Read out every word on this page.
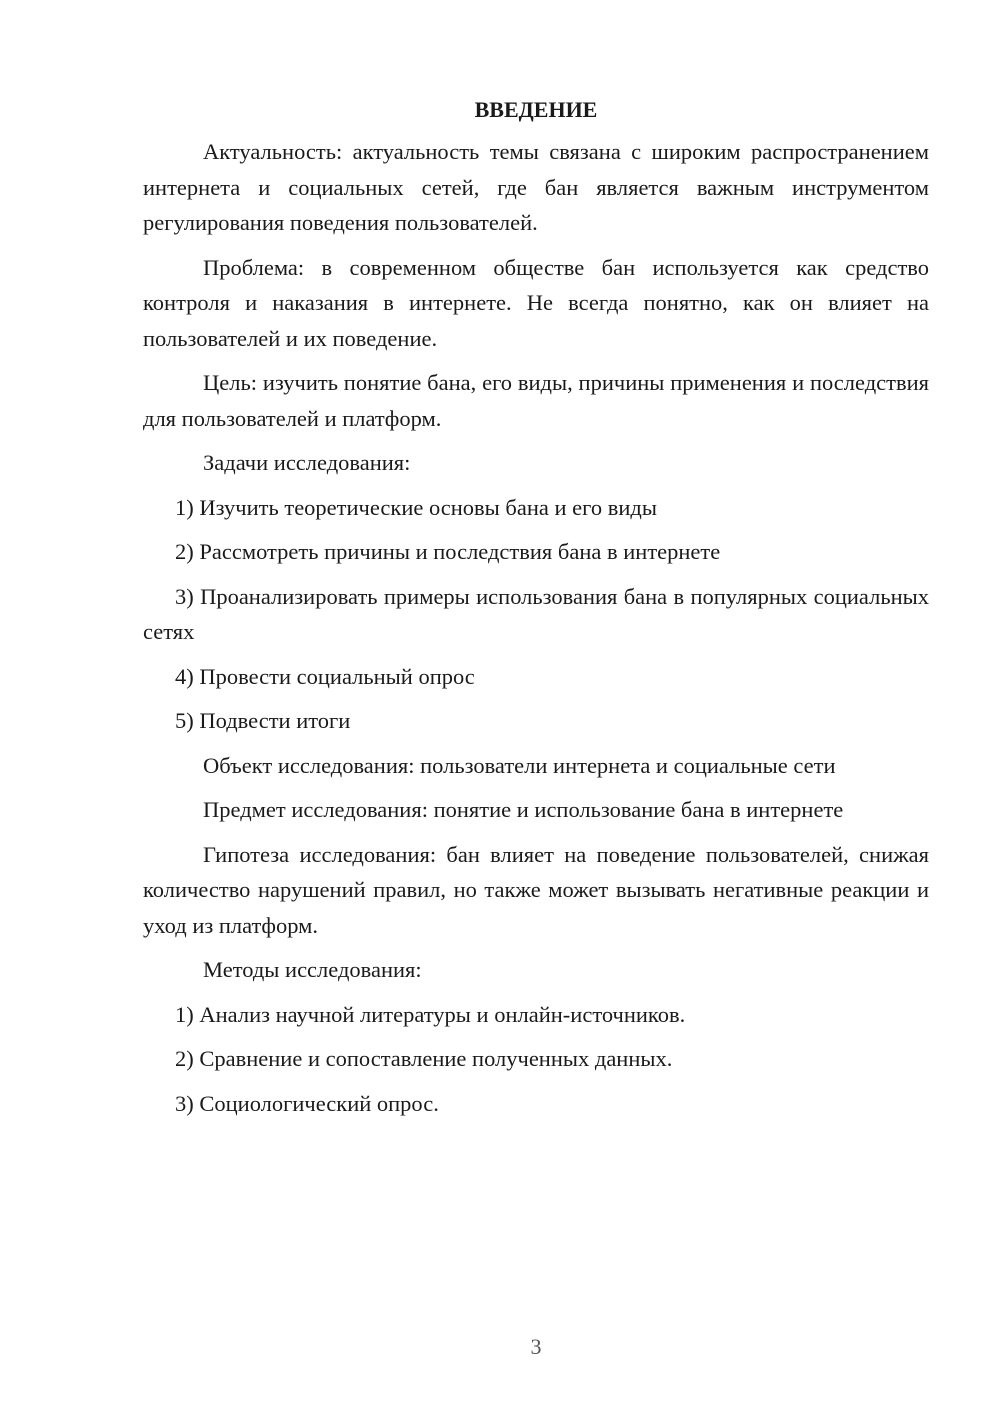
ВВЕДЕНИЕ

Актуальность: актуальность темы связана с широким распространением интернета и социальных сетей, где бан является важным инструментом регулирования поведения пользователей.

Проблема: в современном обществе бан используется как средство контроля и наказания в интернете. Не всегда понятно, как он влияет на пользователей и их поведение.

Цель: изучить понятие бана, его виды, причины применения и последствия для пользователей и платформ.

Задачи исследования:

1) Изучить теоретические основы бана и его виды

2) Рассмотреть причины и последствия бана в интернете

3) Проанализировать примеры использования бана в популярных социальных сетях

4) Провести социальный опрос

5) Подвести итоги

Объект исследования: пользователи интернета и социальные сети

Предмет исследования: понятие и использование бана в интернете

Гипотеза исследования: бан влияет на поведение пользователей, снижая количество нарушений правил, но также может вызывать негативные реакции и уход из платформ.

Методы исследования:

1) Анализ научной литературы и онлайн-источников.

2) Сравнение и сопоставление полученных данных.

3) Социологический опрос.

3
